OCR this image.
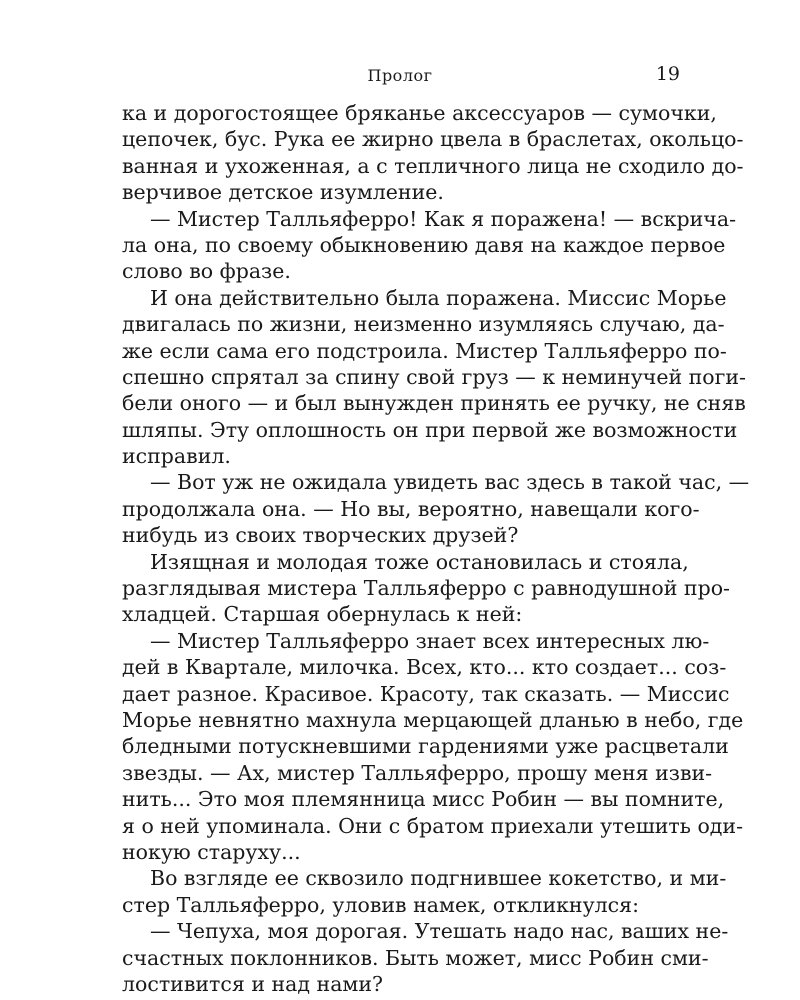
Пролог	19
ка и дорогостоящее бряканье аксессуаров — сумочки,
цепочек, бус. Рука ее жирно цвела в браслетах, окольцо-
ванная и ухоженная, а с тепличного лица не сходило до-
верчивое детское изумление.
— Мистер Талльяферро! Как я поражена! — вскрича-
ла она, по своему обыкновению давя на каждое первое
слово во фразе.
И она действительно была поражена. Миссис Морье
двигалась по жизни, неизменно изумляясь случаю, да-
же если сама его подстроила. Мистер Талльяферро по-
спешно спрятал за спину свой груз — к неминучей поги-
бели оного — и был вынужден принять ее ручку, не сняв
шляпы. Эту оплошность он при первой же возможности
исправил.
— Вот уж не ожидала увидеть вас здесь в такой час, —
продолжала она. — Но вы, вероятно, навещали кого-
нибудь из своих творческих друзей?
Изящная и молодая тоже остановилась и стояла,
разглядывая мистера Талльяферро с равнодушной про-
хладцей. Старшая обернулась к ней:
— Мистер Талльяферро знает всех интересных лю-
дей в Квартале, милочка. Всех, кто... кто создает... соз-
дает разное. Красивое. Красоту, так сказать. — Миссис
Морье невнятно махнула мерцающей дланью в небо, где
бледными потускневшими гардениями уже расцветали
звезды. — Ах, мистер Талльяферро, прошу меня изви-
нить... Это моя племянница мисс Робин — вы помните,
я о ней упоминала. Они с братом приехали утешить оди-
нокую старуху...
Во взгляде ее сквозило подгнившее кокетство, и ми-
стер Талльяферро, уловив намек, откликнулся:
— Чепуха, моя дорогая. Утешать надо нас, ваших не-
счастных поклонников. Быть может, мисс Робин сми-
лостивится и над нами?
